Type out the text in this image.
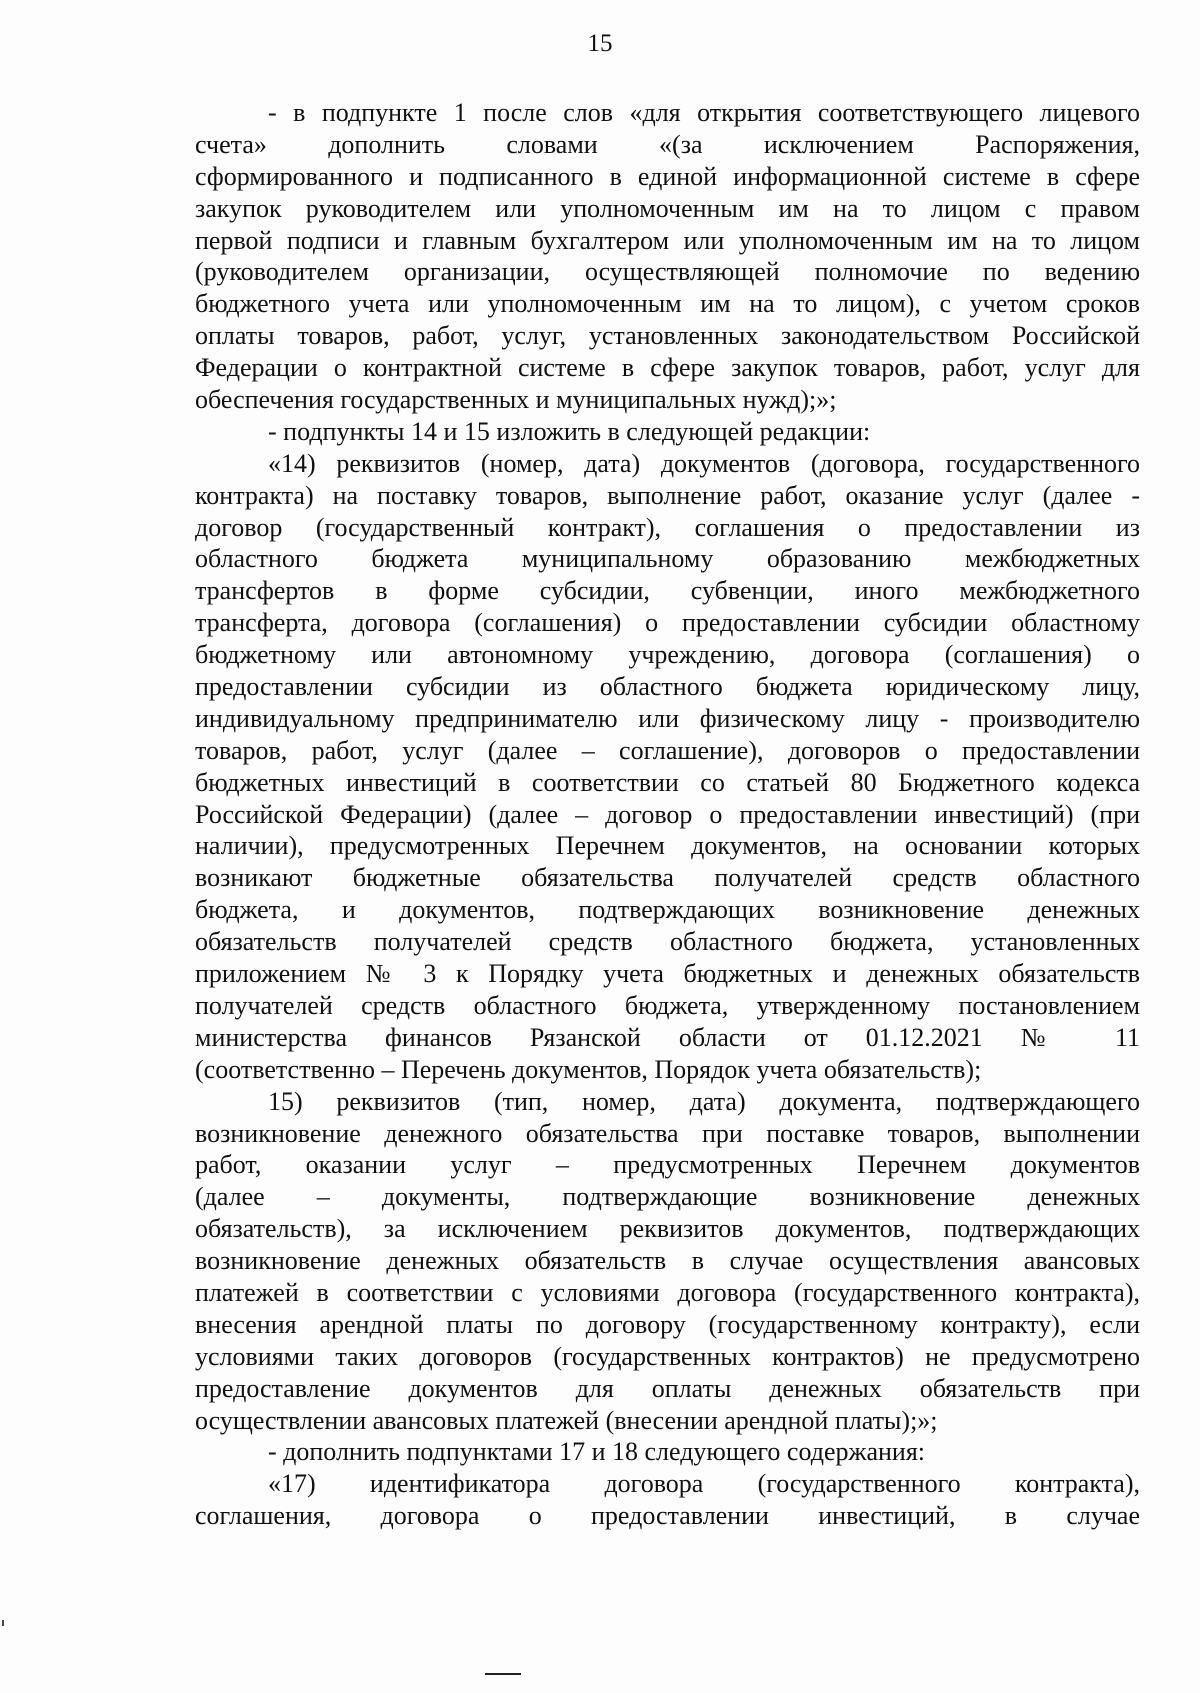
15
- в подпункте 1 после слов «для открытия соответствующего лицевого
счета» дополнить словами «(за исключением Распоряжения,
сформированного и подписанного в единой информационной системе в сфере
закупок руководителем или уполномоченным им на то лицом с правом
первой подписи и главным бухгалтером или уполномоченным им на то лицом
(руководителем организации, осуществляющей полномочие по ведению
бюджетного учета или уполномоченным им на то лицом), с учетом сроков
оплаты товаров, работ, услуг, установленных законодательством Российской
Федерации о контрактной системе в сфере закупок товаров, работ, услуг для
обеспечения государственных и муниципальных нужд);»;
- подпункты 14 и 15 изложить в следующей редакции:
«14) реквизитов (номер, дата) документов (договора, государственного
контракта) на поставку товаров, выполнение работ, оказание услуг (далее -
договор (государственный контракт), соглашения о предоставлении из
областного бюджета муниципальному образованию межбюджетных
трансфертов в форме субсидии, субвенции, иного межбюджетного
трансферта, договора (соглашения) о предоставлении субсидии областному
бюджетному или автономному учреждению, договора (соглашения) о
предоставлении субсидии из областного бюджета юридическому лицу,
индивидуальному предпринимателю или физическому лицу - производителю
товаров, работ, услуг (далее – соглашение), договоров о предоставлении
бюджетных инвестиций в соответствии со статьей 80 Бюджетного кодекса
Российской Федерации) (далее – договор о предоставлении инвестиций) (при
наличии), предусмотренных Перечнем документов, на основании которых
возникают бюджетные обязательства получателей средств областного
бюджета, и документов, подтверждающих возникновение денежных
обязательств получателей средств областного бюджета, установленных
приложением № 3 к Порядку учета бюджетных и денежных обязательств
получателей средств областного бюджета, утвержденному постановлением
министерства финансов Рязанской области от 01.12.2021 № 11
(соответственно – Перечень документов, Порядок учета обязательств);
15) реквизитов (тип, номер, дата) документа, подтверждающего
возникновение денежного обязательства при поставке товаров, выполнении
работ, оказании услуг – предусмотренных Перечнем документов
(далее – документы, подтверждающие возникновение денежных
обязательств), за исключением реквизитов документов, подтверждающих
возникновение денежных обязательств в случае осуществления авансовых
платежей в соответствии с условиями договора (государственного контракта),
внесения арендной платы по договору (государственному контракту), если
условиями таких договоров (государственных контрактов) не предусмотрено
предоставление документов для оплаты денежных обязательств при
осуществлении авансовых платежей (внесении арендной платы);»;
- дополнить подпунктами 17 и 18 следующего содержания:
«17) идентификатора договора (государственного контракта),
соглашения, договора о предоставлении инвестиций, в случае
